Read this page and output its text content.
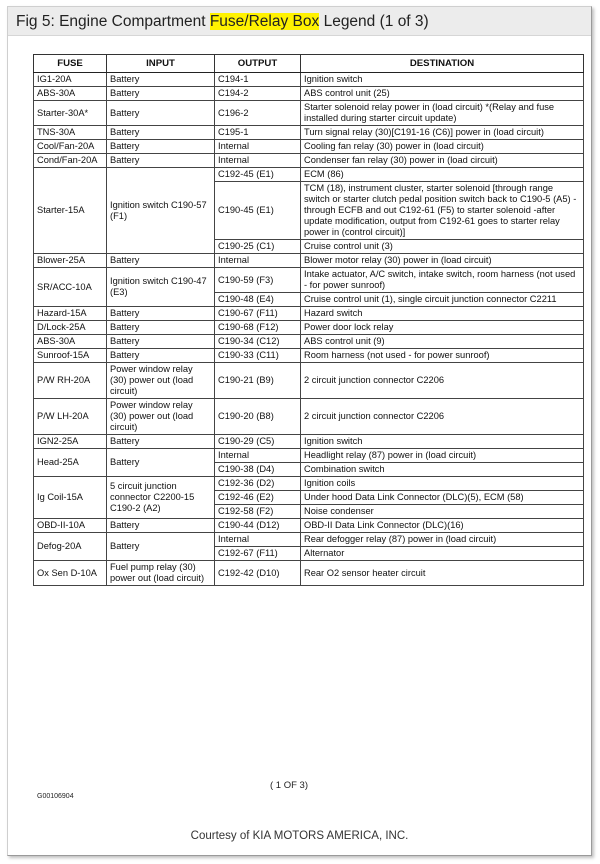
Fig 5: Engine Compartment Fuse/Relay Box Legend (1 of 3)
FUSE	INPUT	OUTPUT	DESTINATION
IG1-20A	Battery	C194-1	Ignition switch
ABS-30A	Battery	C194-2	ABS control unit (25)
Starter-30A*	Battery	C196-2	Starter solenoid relay power in (load circuit) *(Relay and fuse installed during starter circuit update)
TNS-30A	Battery	C195-1	Turn signal relay (30)[C191-16 (C6)] power in (load circuit)
Cool/Fan-20A	Battery	Internal	Cooling fan relay (30) power in (load circuit)
Cond/Fan-20A	Battery	Internal	Condenser fan relay (30) power in (load circuit)
Starter-15A	Ignition switch C190-57 (F1)	C192-45 (E1)	ECM (86)
		C190-45 (E1)	TCM (18), instrument cluster, starter solenoid [through range switch or starter clutch pedal position switch back to C190-5 (A5) - through ECFB and out C192-61 (F5) to starter solenoid -after update modification, output from C192-61 goes to starter relay power in (control circuit)]
		C190-25 (C1)	Cruise control unit (3)
Blower-25A	Battery	Internal	Blower motor relay (30) power in (load circuit)
SR/ACC-10A	Ignition switch C190-47 (E3)	C190-59 (F3)	Intake actuator, A/C switch, intake switch, room harness (not used - for power sunroof)
		C190-48 (E4)	Cruise control unit (1), single circuit junction connector C2211
Hazard-15A	Battery	C190-67 (F11)	Hazard switch
D/Lock-25A	Battery	C190-68 (F12)	Power door lock relay
ABS-30A	Battery	C190-34 (C12)	ABS control unit (9)
Sunroof-15A	Battery	C190-33 (C11)	Room harness (not used - for power sunroof)
P/W RH-20A	Power window relay (30) power out (load circuit)	C190-21 (B9)	2 circuit junction connector C2206
P/W LH-20A	Power window relay (30) power out (load circuit)	C190-20 (B8)	2 circuit junction connector C2206
IGN2-25A	Battery	C190-29 (C5)	Ignition switch
Head-25A	Battery	Internal	Headlight relay (87) power in (load circuit)
		C190-38 (D4)	Combination switch
Ig Coil-15A	5 circuit junction connector C2200-15 C190-2 (A2)	C192-36 (D2)	Ignition coils
		C192-46 (E2)	Under hood Data Link Connector (DLC)(5), ECM (58)
		C192-58 (F2)	Noise condenser
OBD-II-10A	Battery	C190-44 (D12)	OBD-II Data Link Connector (DLC)(16)
Defog-20A	Battery	Internal	Rear defogger relay (87) power in (load circuit)
		C192-67 (F11)	Alternator
Ox Sen D-10A	Fuel pump relay (30) power out (load circuit)	C192-42 (D10)	Rear O2 sensor heater circuit
( 1 OF 3)
G00106904
Courtesy of KIA MOTORS AMERICA, INC.
